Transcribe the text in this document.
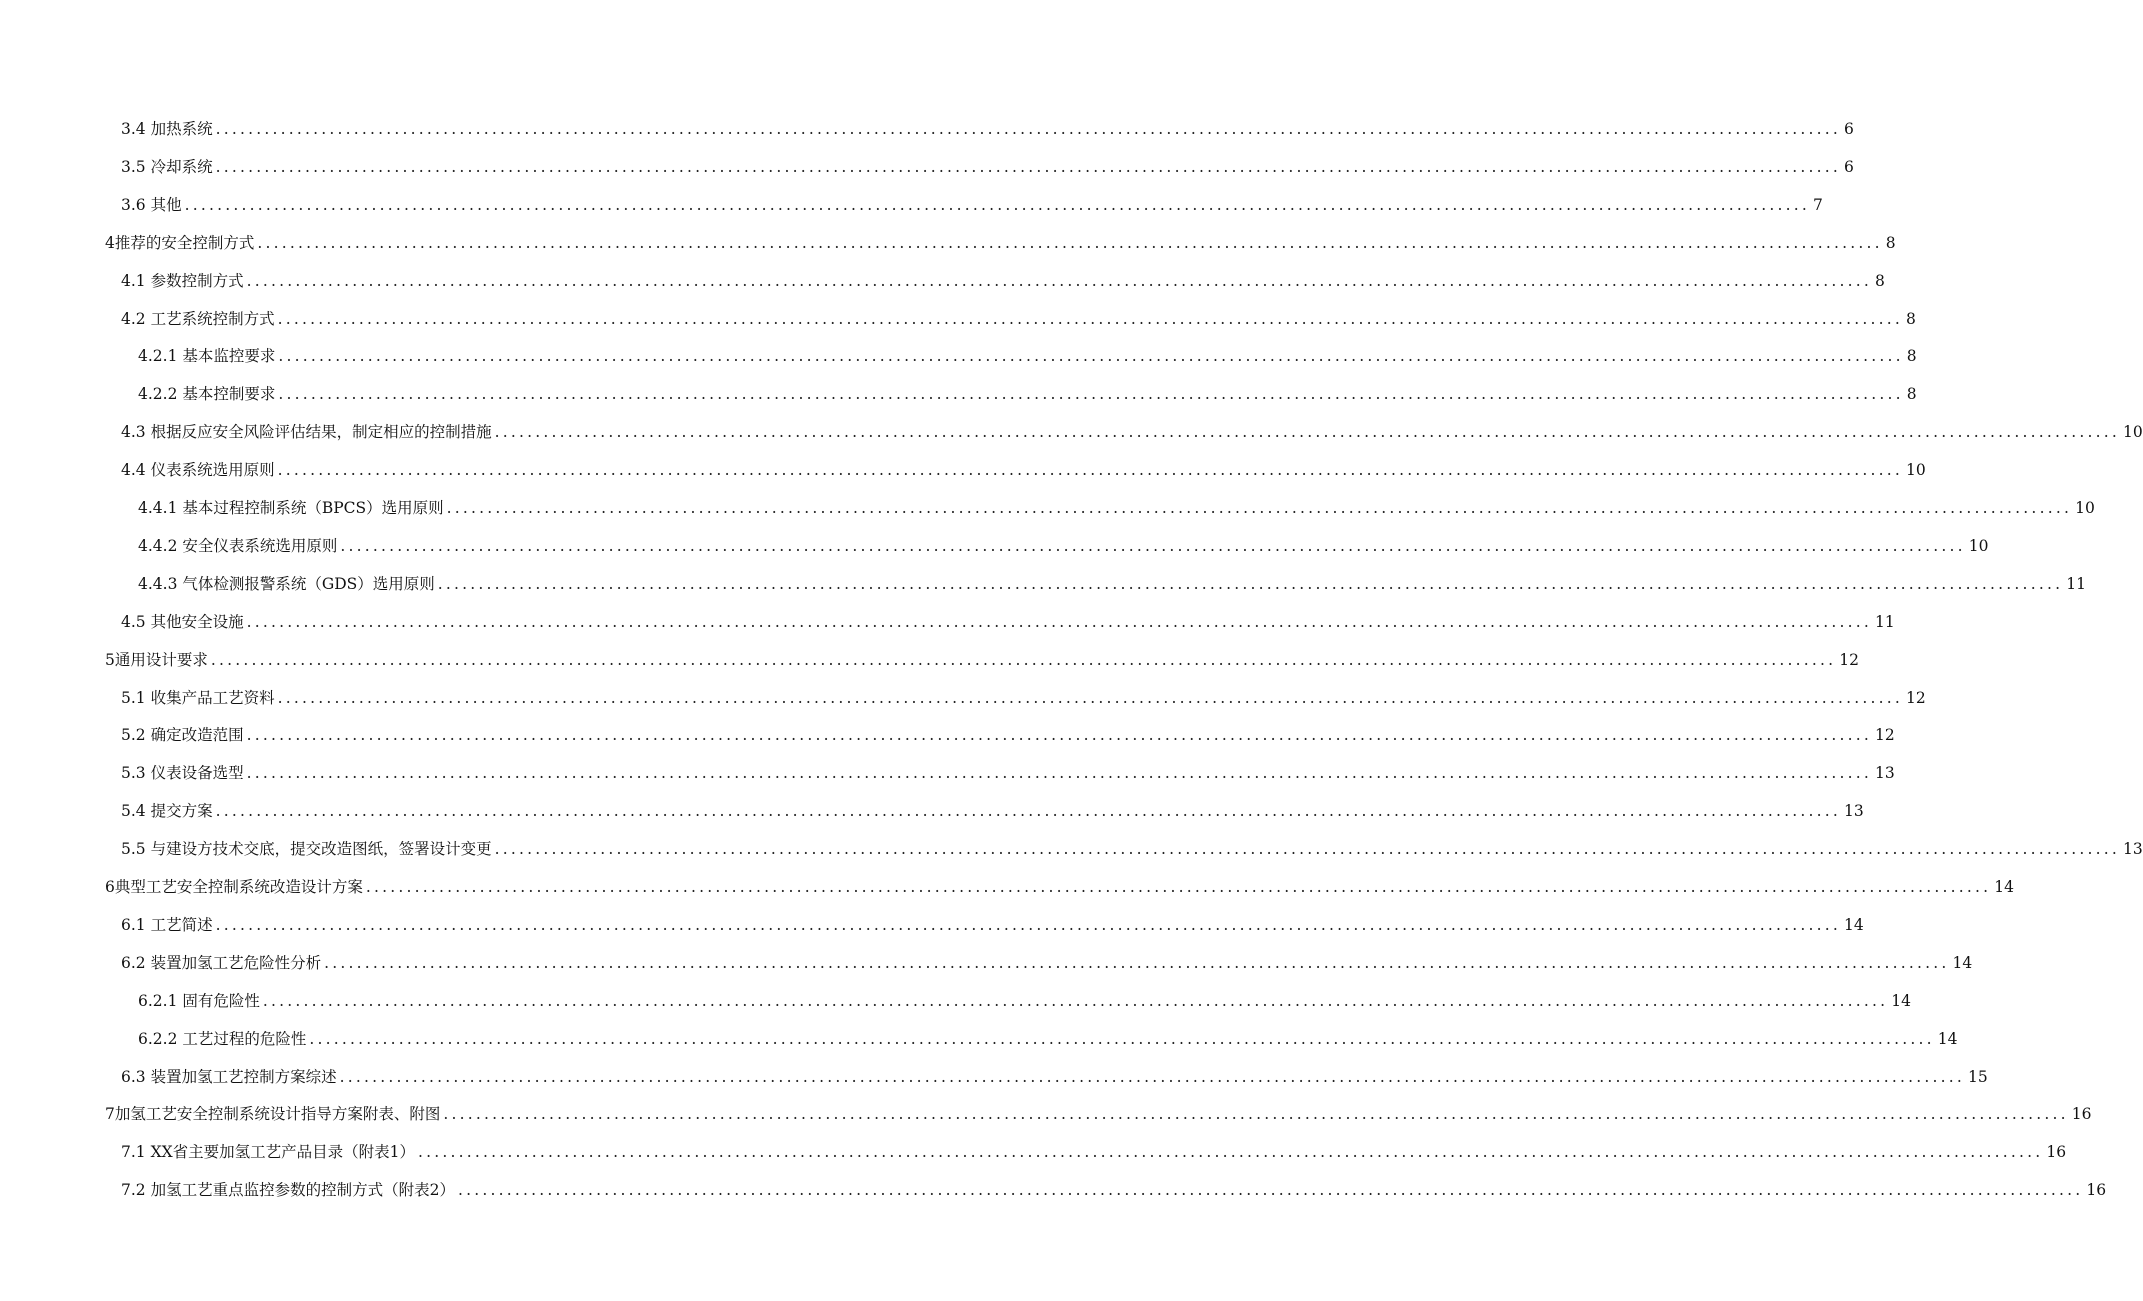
3.4 加热系统 ........................................................................................................................................................................................................ 6
3.5 冷却系统 ........................................................................................................................................................................................................ 6
3.6 其他 ........................................................................................................................................................................................................ 7
4推荐的安全控制方式 ........................................................................................................................................................................................................ 8
4.1 参数控制方式 ........................................................................................................................................................................................................ 8
4.2 工艺系统控制方式 ........................................................................................................................................................................................................ 8
4.2.1 基本监控要求 ........................................................................................................................................................................................................ 8
4.2.2 基本控制要求 ........................................................................................................................................................................................................ 8
4.3 根据反应安全风险评估结果，制定相应的控制措施 ........................................................................................................................................................................................................ 10
4.4 仪表系统选用原则 ........................................................................................................................................................................................................ 10
4.4.1 基本过程控制系统（BPCS）选用原则 ........................................................................................................................................................................................................ 10
4.4.2 安全仪表系统选用原则 ........................................................................................................................................................................................................ 10
4.4.3 气体检测报警系统（GDS）选用原则 ........................................................................................................................................................................................................ 11
4.5 其他安全设施 ........................................................................................................................................................................................................ 11
5通用设计要求 ........................................................................................................................................................................................................ 12
5.1 收集产品工艺资料 ........................................................................................................................................................................................................ 12
5.2 确定改造范围 ........................................................................................................................................................................................................ 12
5.3 仪表设备选型 ........................................................................................................................................................................................................ 13
5.4 提交方案 ........................................................................................................................................................................................................ 13
5.5 与建设方技术交底，提交改造图纸，签署设计变更 ........................................................................................................................................................................................................ 13
6典型工艺安全控制系统改造设计方案 ........................................................................................................................................................................................................ 14
6.1 工艺简述 ........................................................................................................................................................................................................ 14
6.2 装置加氢工艺危险性分析 ........................................................................................................................................................................................................ 14
6.2.1 固有危险性 ........................................................................................................................................................................................................ 14
6.2.2 工艺过程的危险性 ........................................................................................................................................................................................................ 14
6.3 装置加氢工艺控制方案综述 ........................................................................................................................................................................................................ 15
7加氢工艺安全控制系统设计指导方案附表、附图 ........................................................................................................................................................................................................ 16
7.1 XX省主要加氢工艺产品目录（附表1） ........................................................................................................................................................................................................ 16
7.2 加氢工艺重点监控参数的控制方式（附表2） ........................................................................................................................................................................................................ 16
